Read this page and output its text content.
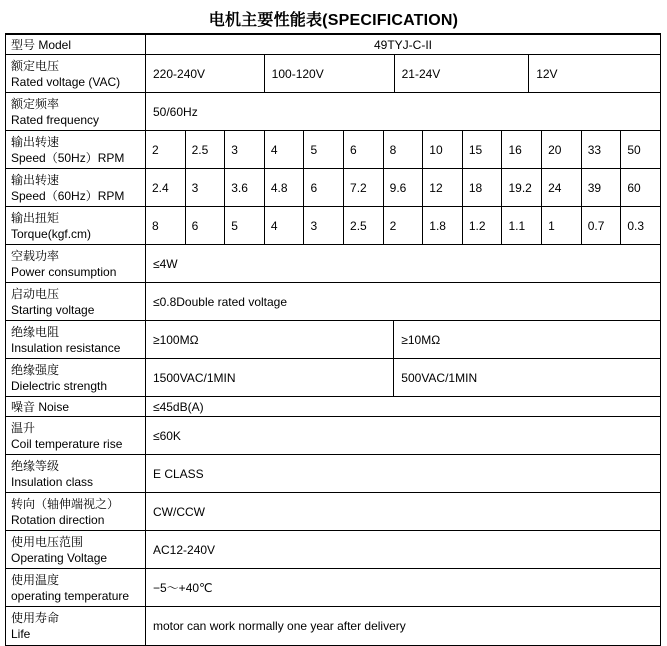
电机主要性能表(SPECIFICATION)
型号 Model	49TYJ-C-II
额定电压
Rated voltage (VAC)
220-240V	100-120V	21-24V	12V
额定频率
Rated frequency
50/60Hz
输出转速
Speed（50Hz）RPM
2	2.5	3	4	5	6	8	10	15	16	20	33	50
输出转速
Speed（60Hz）RPM
2.4	3	3.6	4.8	6	7.2	9.6	12	18	19.2	24	39	60
输出扭矩
Torque(kgf.cm)
8	6	5	4	3	2.5	2	1.8	1.2	1.1	1	0.7	0.3
空载功率
Power consumption
≤4W
启动电压
Starting voltage
≤0.8Double rated voltage
绝缘电阻
Insulation resistance
≥100MΩ	≥10MΩ
绝缘强度
Dielectric strength
1500VAC/1MIN	500VAC/1MIN
噪音 Noise	≤45dB(A)
温升
Coil temperature rise
≤60K
绝缘等级
Insulation class
E CLASS
转向（轴伸端视之）
Rotation direction
CW/CCW
使用电压范围
Operating Voltage
AC12-240V
使用温度
operating temperature
−5～+40℃
使用寿命
Life
motor can work normally one year after delivery
